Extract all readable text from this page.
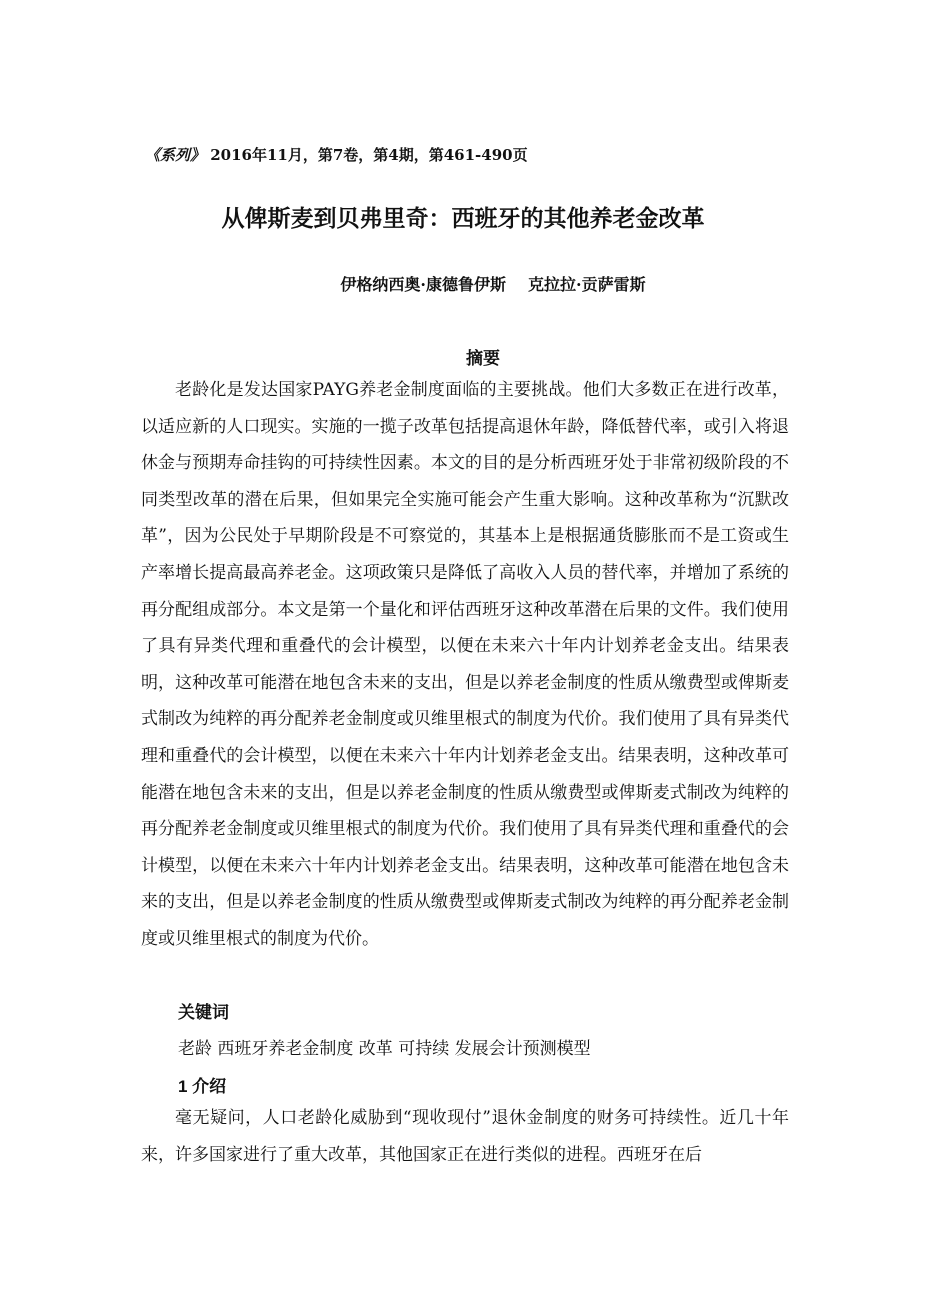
《系列》 2016年11月，第7卷，第4期，第461-490页
从俾斯麦到贝弗里奇：西班牙的其他养老金改革
伊格纳西奥·康德鲁伊斯 克拉拉·贡萨雷斯
摘要

老龄化是发达国家PAYG养老金制度面临的主要挑战。他们大多数正在进行改革，以适应新的人口现实。实施的一揽子改革包括提高退休年龄，降低替代率，或引入将退休金与预期寿命挂钩的可持续性因素。本文的目的是分析西班牙处于非常初级阶段的不同类型改革的潜在后果，但如果完全实施可能会产生重大影响。这种改革称为“沉默改革”，因为公民处于早期阶段是不可察觉的，其基本上是根据通货膨胀而不是工资或生产率增长提高最高养老金。这项政策只是降低了高收入人员的替代率，并增加了系统的再分配组成部分。本文是第一个量化和评估西班牙这种改革潜在后果的文件。我们使用了具有异类代理和重叠代的会计模型，以便在未来六十年内计划养老金支出。结果表明，这种改革可能潜在地包含未来的支出，但是以养老金制度的性质从缴费型或俾斯麦式制改为纯粹的再分配养老金制度或贝维里根式的制度为代价。我们使用了具有异类代理和重叠代的会计模型，以便在未来六十年内计划养老金支出。结果表明，这种改革可能潜在地包含未来的支出，但是以养老金制度的性质从缴费型或俾斯麦式制改为纯粹的再分配养老金制度或贝维里根式的制度为代价。我们使用了具有异类代理和重叠代的会计模型，以便在未来六十年内计划养老金支出。结果表明，这种改革可能潜在地包含未来的支出，但是以养老金制度的性质从缴费型或俾斯麦式制改为纯粹的再分配养老金制度或贝维里根式的制度为代价。

关键词
老龄 西班牙养老金制度 改革 可持续 发展会计预测模型
1 介绍

毫无疑问，人口老龄化威胁到“现收现付”退休金制度的财务可持续性。近几十年来，许多国家进行了重大改革，其他国家正在进行类似的进程。西班牙在后
